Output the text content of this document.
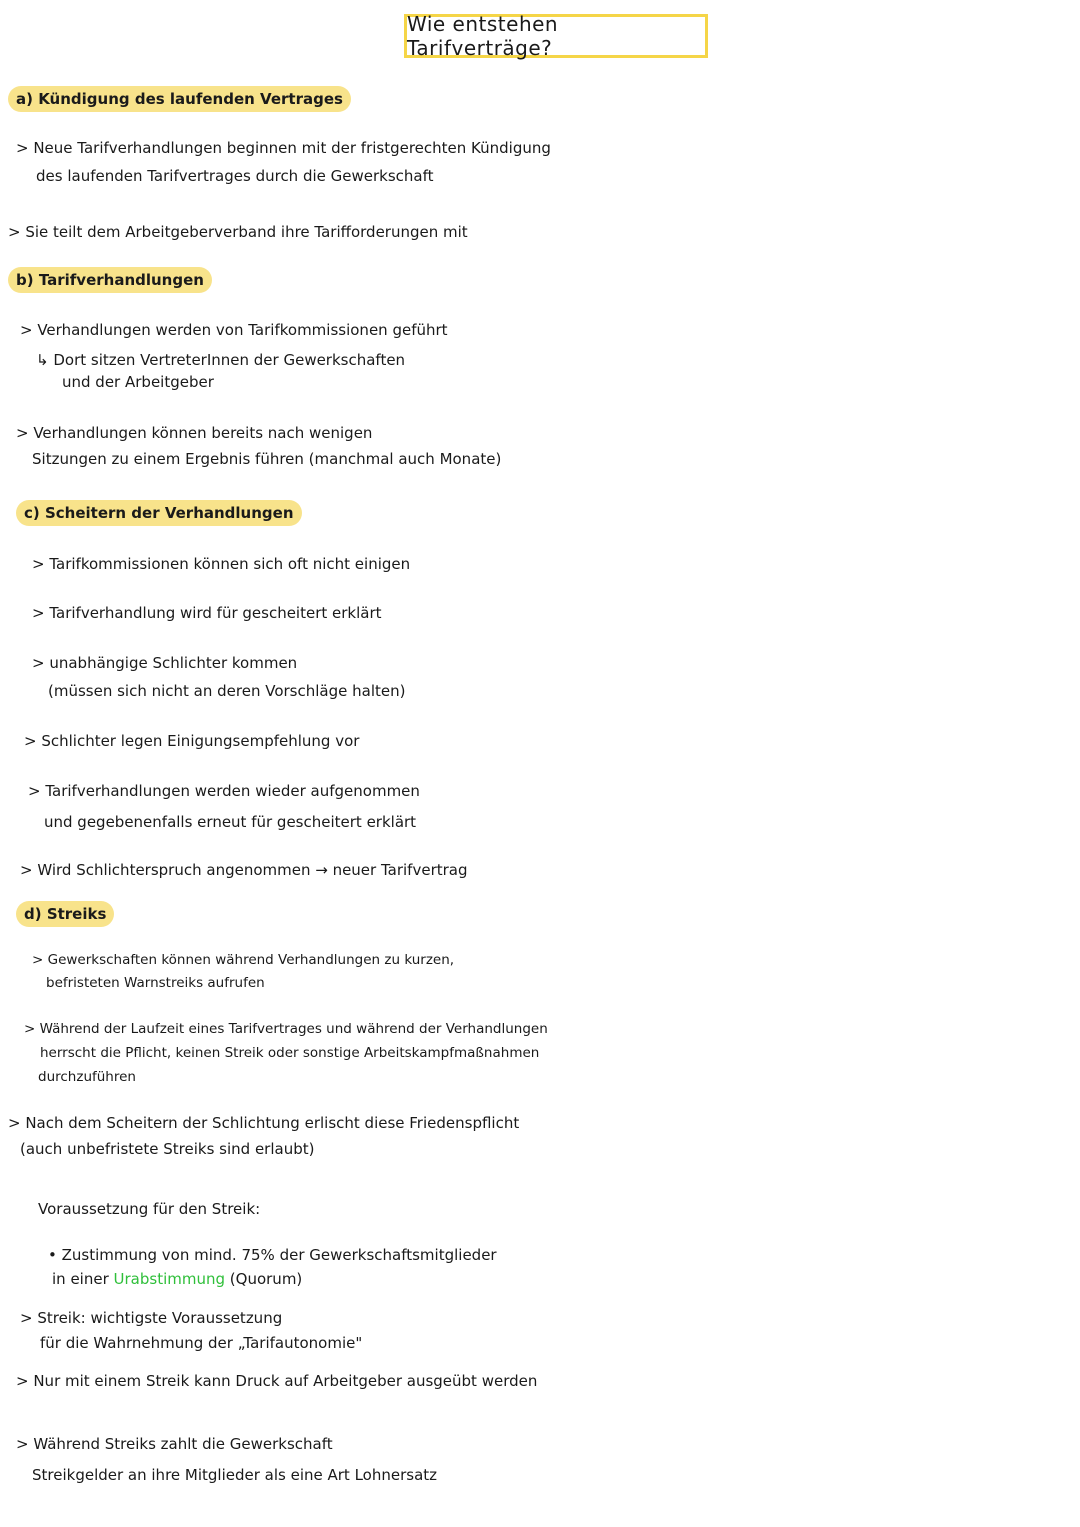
Wie entstehen Tarifverträge?
a) Kündigung des laufenden Vertrages
> Neue Tarifverhandlungen beginnen mit der fristgerechten Kündigung
des laufenden Tarifvertrages durch die Gewerkschaft
> Sie teilt dem Arbeitgeberverband ihre Tarifforderungen mit
b) Tarifverhandlungen
> Verhandlungen werden von Tarifkommissionen geführt
↳ Dort sitzen VertreterInnen der Gewerkschaften
und der Arbeitgeber
> Verhandlungen können bereits nach wenigen
Sitzungen zu einem Ergebnis führen (manchmal auch Monate)
c) Scheitern der Verhandlungen
> Tarifkommissionen können sich oft nicht einigen
> Tarifverhandlung wird für gescheitert erklärt
> unabhängige Schlichter kommen
(müssen sich nicht an deren Vorschläge halten)
> Schlichter legen Einigungsempfehlung vor
> Tarifverhandlungen werden wieder aufgenommen
und gegebenenfalls erneut für gescheitert erklärt
> Wird Schlichterspruch angenommen → neuer Tarifvertrag
d) Streiks
> Gewerkschaften können während Verhandlungen zu kurzen,
befristeten Warnstreiks aufrufen
> Während der Laufzeit eines Tarifvertrages und während der Verhandlungen
herrscht die Pflicht, keinen Streik oder sonstige Arbeitskampfmaßnahmen
durchzuführen
> Nach dem Scheitern der Schlichtung erlischt diese Friedenspflicht
(auch unbefristete Streiks sind erlaubt)
Voraussetzung für den Streik:
• Zustimmung von mind. 75% der Gewerkschaftsmitglieder
in einer Urabstimmung (Quorum)
> Streik: wichtigste Voraussetzung
für die Wahrnehmung der „Tarifautonomie"
> Nur mit einem Streik kann Druck auf Arbeitgeber ausgeübt werden
> Während Streiks zahlt die Gewerkschaft
Streikgelder an ihre Mitglieder als eine Art Lohnersatz
